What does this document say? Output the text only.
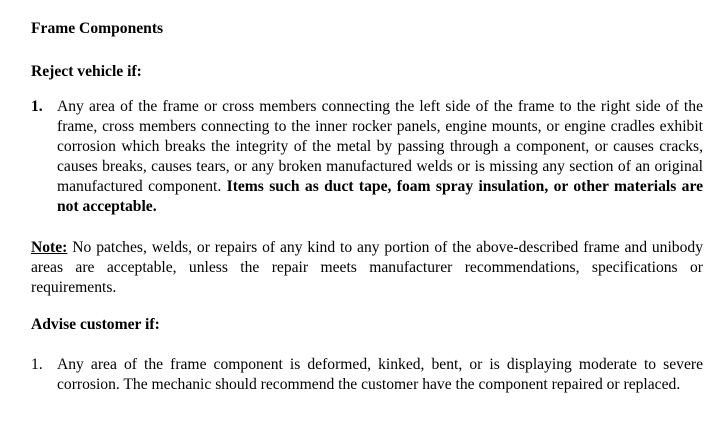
Frame Components
Reject vehicle if:
1. Any area of the frame or cross members connecting the left side of the frame to the right side of the frame, cross members connecting to the inner rocker panels, engine mounts, or engine cradles exhibit corrosion which breaks the integrity of the metal by passing through a component, or causes cracks, causes breaks, causes tears, or any broken manufactured welds or is missing any section of an original manufactured component. Items such as duct tape, foam spray insulation, or other materials are not acceptable.
Note: No patches, welds, or repairs of any kind to any portion of the above-described frame and unibody areas are acceptable, unless the repair meets manufacturer recommendations, specifications or requirements.
Advise customer if:
1. Any area of the frame component is deformed, kinked, bent, or is displaying moderate to severe corrosion. The mechanic should recommend the customer have the component repaired or replaced.
